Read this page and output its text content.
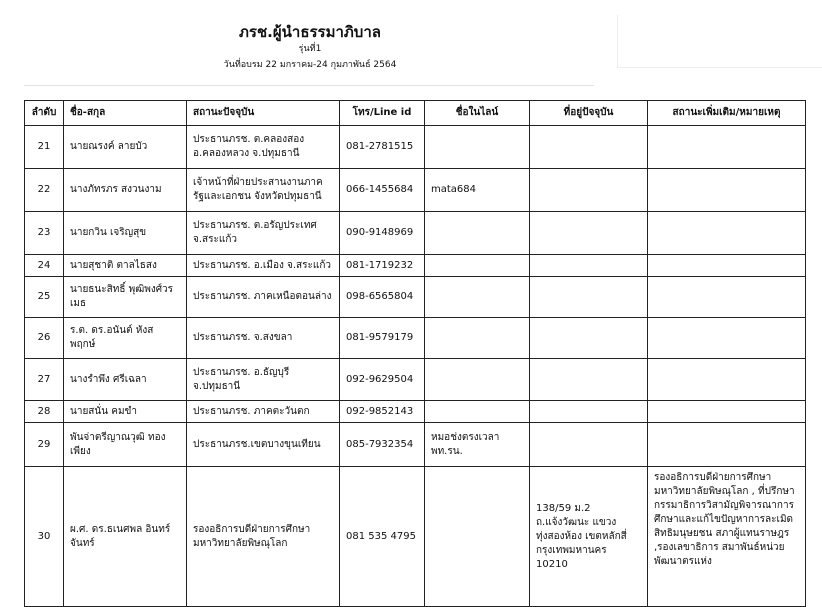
ภรช.ผู้นำธรรมาภิบาล
รุ่นที่1
วันที่อบรม 22 มกราคม-24 กุมภาพันธ์ 2564
ลำดับ	ชื่อ-สกุล	สถานะปัจจุบัน	โทร/Line id	ชื่อในไลน์	ที่อยู่ปัจจุบัน	สถานะเพิ่มเติม/หมายเหตุ
21	นายณรงค์ ลายบัว	ประธานภรช. ต.คลองสอง อ.คลองหลวง จ.ปทุมธานี	081-2781515			
22	นางภัทรภร สงวนงาม	เจ้าหน้าที่ฝ่ายประสานงานภาครัฐและเอกชน จังหวัดปทุมธานี	066-1455684	mata684		
23	นายกวิน เจริญสุข	ประธานภรช. ต.อรัญประเทศ จ.สระแก้ว	090-9148969			
24	นายสุชาติ ตาลไธสง	ประธานภรช. อ.เมือง จ.สระแก้ว	081-1719232			
25	นายธนะสิทธิ์ พุฒิพงศ์วรเมธ	ประธานภรช. ภาคเหนือตอนล่าง	098-6565804			
26	ร.ต. ดร.อนันต์ หังส พฤกษ์	ประธานภรช. จ.สงขลา	081-9579179			
27	นางรำพึง ศรีเฉลา	ประธานภรช. อ.ธัญบุรี จ.ปทุมธานี	092-9629504			
28	นายสนั่น คมขำ	ประธานภรช. ภาคตะวันตก	092-9852143			
29	พันจ่าตรีญาณวุฒิ ทองเพียง	ประธานภรช.เขตบางขุนเทียน	085-7932354	หมอช่งตรงเวลา พท.รน.		
30	ผ.ศ. ดร.ธเนศพล อินทร์จันทร์	รองอธิการบดีฝ่ายการศึกษา มหาวิทยาลัยพิษณุโลก	081 535 4795		138/59 ม.2 ถ.แจ้งวัฒนะ แขวงทุ่งสองห้อง เขตหลักสี่ กรุงเทพมหานคร 10210	รองอธิการบดีฝ่ายการศึกษา มหาวิทยาลัยพิษณุโลก , ที่ปรึกษากรรมาธิการวิสามัญพิจารณาการศึกษาและแก้ไขปัญหาการละเมิดสิทธิมนุษยชน สภาผู้แทนราษฎร ,รองเลขาธิการ สมาพันธ์หน่วยพัฒนาตรแห่ง
